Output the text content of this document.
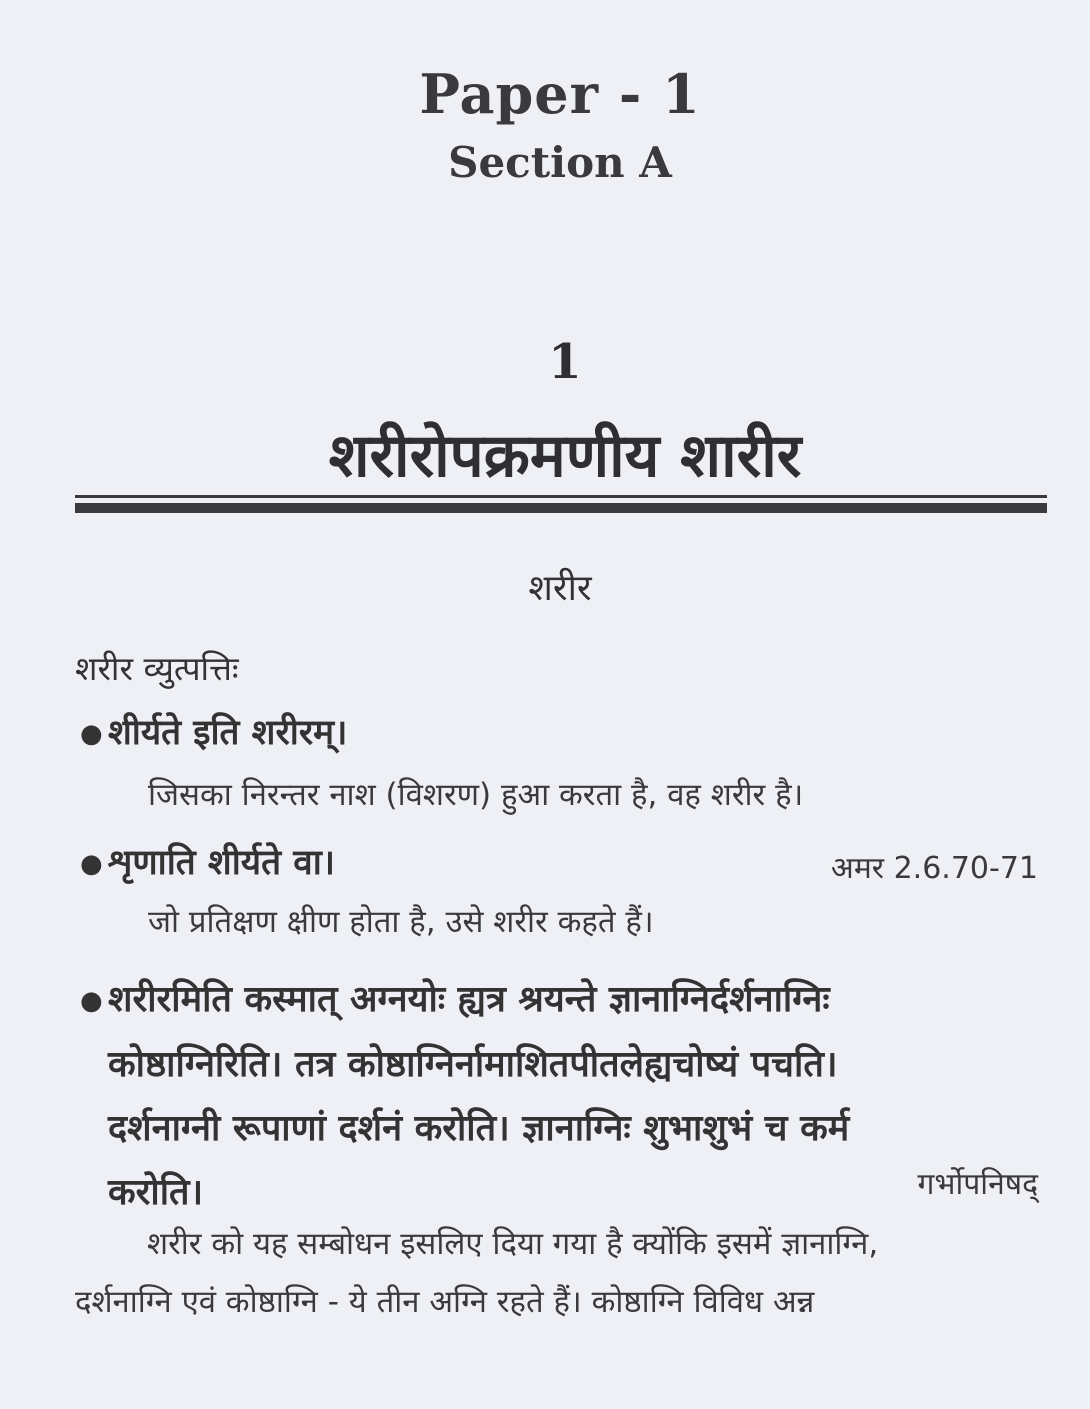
Paper - 1
Section A
1
शरीरोपक्रमणीय शारीर
शरीर
शरीर व्युत्पत्तिः
● शीर्यते इति शरीरम्।
जिसका निरन्तर नाश (विशरण) हुआ करता है, वह शरीर है।
● शृणाति शीर्यते वा।	अमर 2.6.70-71
जो प्रतिक्षण क्षीण होता है, उसे शरीर कहते हैं।
● शरीरमिति कस्मात् अग्नयोः ह्यत्र श्रयन्ते ज्ञानाग्निर्दर्शनाग्निः
कोष्ठाग्निरिति। तत्र कोष्ठाग्निर्नामाशितपीतलेह्यचोष्यं पचति।
दर्शनाग्नी रूपाणां दर्शनं करोति। ज्ञानाग्निः शुभाशुभं च कर्म
करोति।	गर्भोपनिषद्
शरीर को यह सम्बोधन इसलिए दिया गया है क्योंकि इसमें ज्ञानाग्नि,
दर्शनाग्नि एवं कोष्ठाग्नि - ये तीन अग्नि रहते हैं। कोष्ठाग्नि विविध अन्न
